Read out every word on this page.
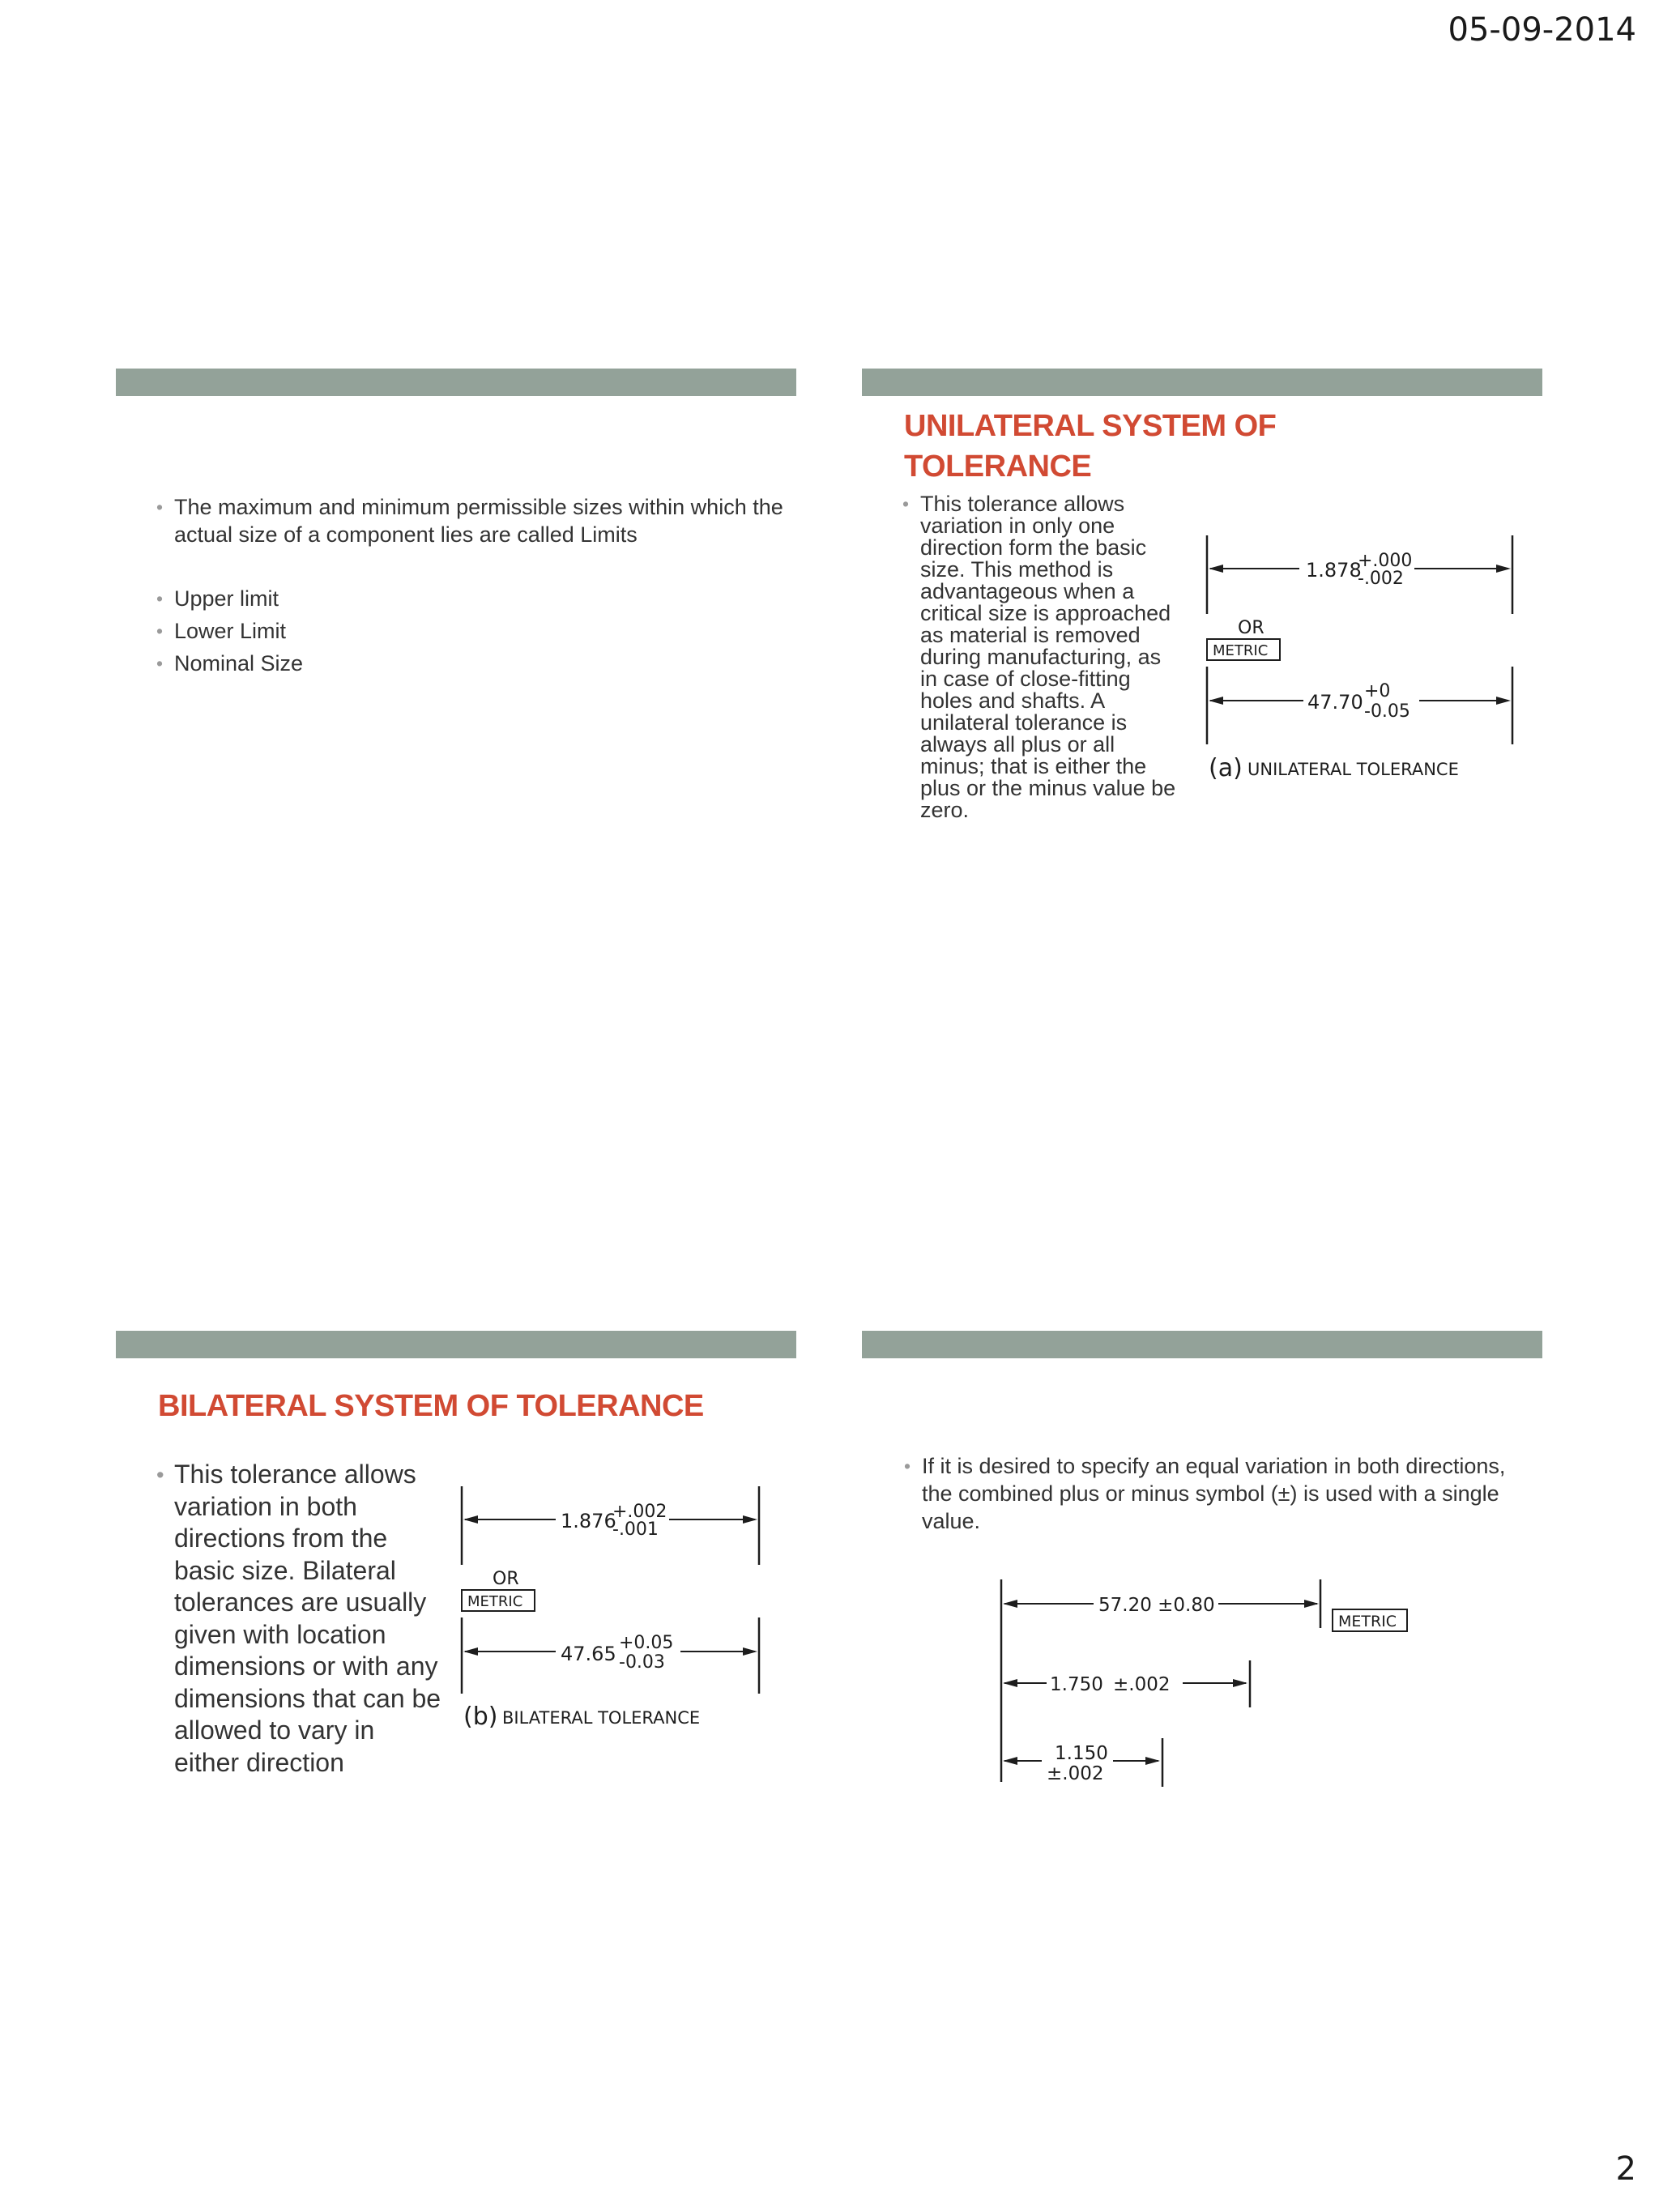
05-09-2014
• The maximum and minimum permissible sizes within which the actual size of a component lies are called Limits
• Upper limit
• Lower Limit
• Nominal Size
UNILATERAL SYSTEM OF
TOLERANCE
• This tolerance allows
variation in only one
direction form the basic
size. This method is
advantageous when a
critical size is approached
as material is removed
during manufacturing, as
in case of close-fitting
holes and shafts. A
unilateral tolerance is
always all plus or all
minus; that is either the
plus or the minus value be
zero.
1.878
+.000
-.002
OR
METRIC
47.70 +0
-0.05
(a) UNILATERAL TOLERANCE
BILATERAL SYSTEM OF TOLERANCE
• This tolerance allows
variation in both
directions from the
basic size. Bilateral
tolerances are usually
given with location
dimensions or with any
dimensions that can be
allowed to vary in
either direction
1.876
+.002
-.001
OR
METRIC
47.65 +0.05
-0.03
(b) BILATERAL TOLERANCE
• If it is desired to specify an equal variation in both directions, the combined plus or minus symbol (±) is used with a single value.
57.20 ±0.80
METRIC
1.750 ±.002
1.150
±.002
2
